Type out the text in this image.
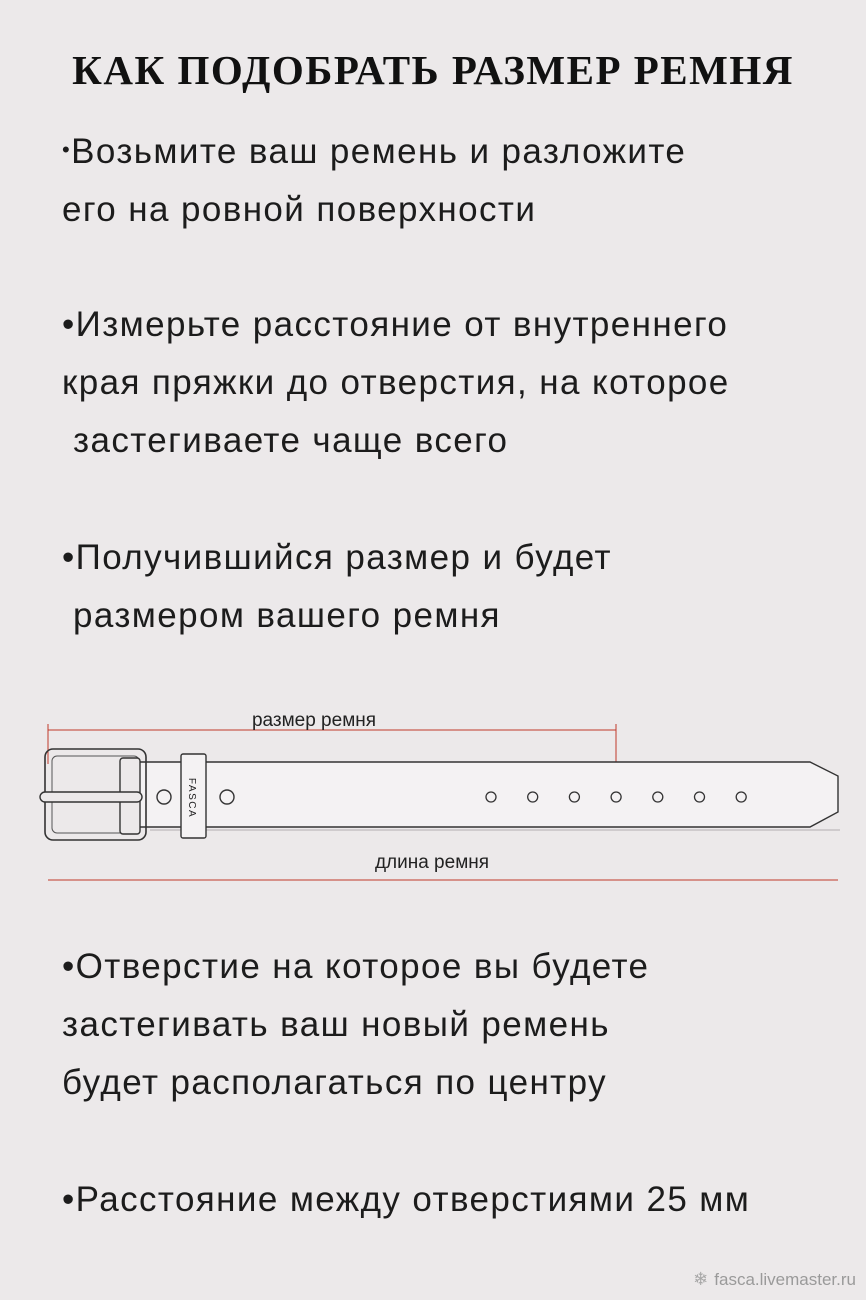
КАК ПОДОБРАТЬ РАЗМЕР РЕМНЯ
•Возьмите ваш ремень и разложите
его на ровной поверхности
•Измерьте расстояние от внутреннего
края пряжки до отверстия, на которое
застегиваете чаще всего
•Получившийся размер и будет
размером вашего ремня
размер ремня
FASCA
длина ремня
•Отверстие на которое вы будете
застегивать ваш новый ремень
будет располагаться по центру
•Расстояние между отверстиями 25 мм
❄ fasca.livemaster.ru
